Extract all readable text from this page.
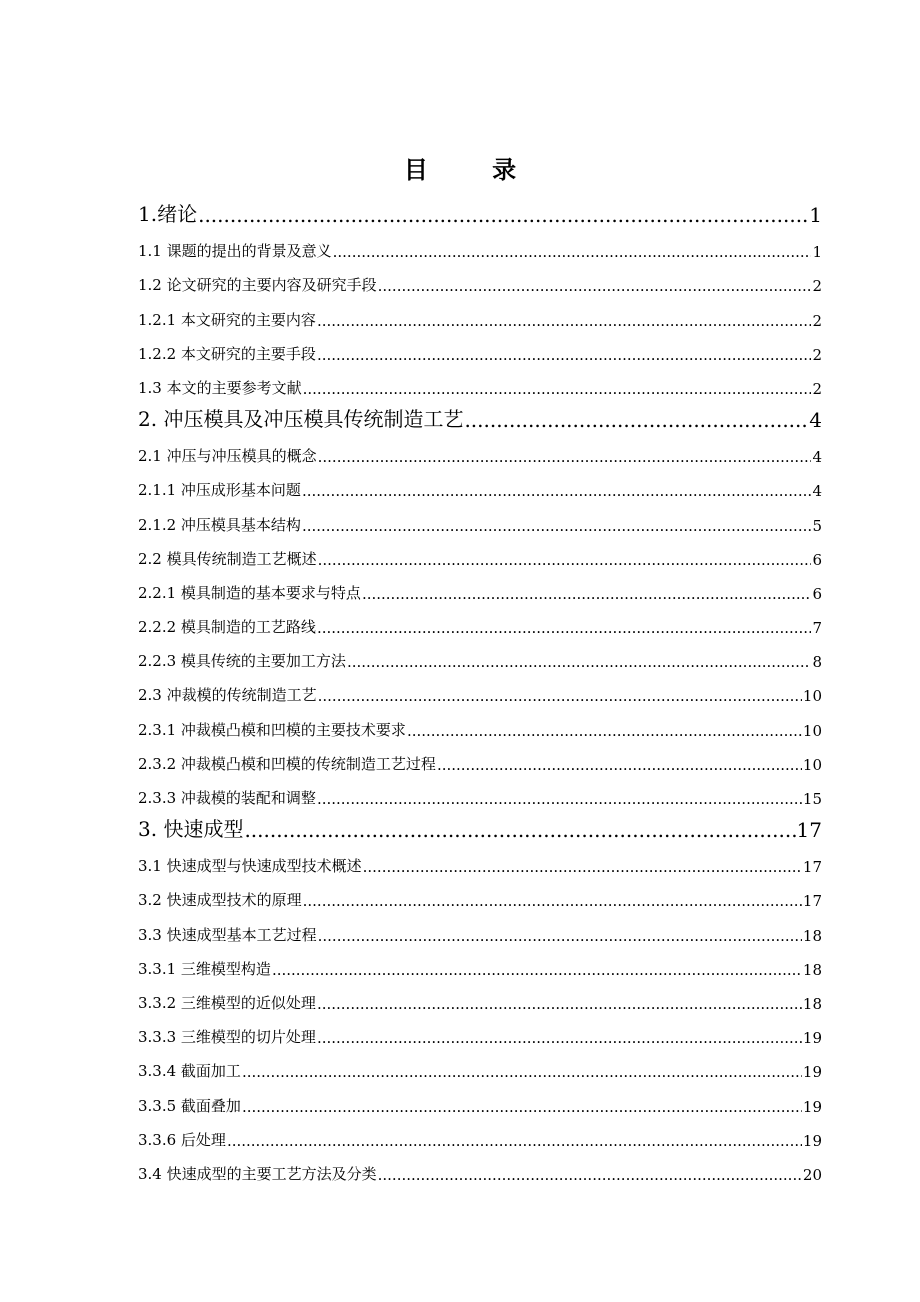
目 录
1.绪论 .....	1
1.1 课题的提出的背景及意义 .....	1
1.2 论文研究的主要内容及研究手段 .....	2
1.2.1 本文研究的主要内容 .....	2
1.2.2 本文研究的主要手段 .....	2
1.3 本文的主要参考文献 .....	2
2. 冲压模具及冲压模具传统制造工艺 .....	4
2.1 冲压与冲压模具的概念 .....	4
2.1.1 冲压成形基本问题 .....	4
2.1.2 冲压模具基本结构 .....	5
2.2 模具传统制造工艺概述 .....	6
2.2.1 模具制造的基本要求与特点 .....	6
2.2.2 模具制造的工艺路线 .....	7
2.2.3 模具传统的主要加工方法 .....	8
2.3 冲裁模的传统制造工艺 .....	10
2.3.1 冲裁模凸模和凹模的主要技术要求 .....	10
2.3.2 冲裁模凸模和凹模的传统制造工艺过程 .....	10
2.3.3 冲裁模的装配和调整 .....	15
3. 快速成型 .....	17
3.1 快速成型与快速成型技术概述 .....	17
3.2 快速成型技术的原理 .....	17
3.3 快速成型基本工艺过程 .....	18
3.3.1 三维模型构造 .....	18
3.3.2 三维模型的近似处理 .....	18
3.3.3 三维模型的切片处理 .....	19
3.3.4 截面加工 .....	19
3.3.5 截面叠加 .....	19
3.3.6 后处理 .....	19
3.4 快速成型的主要工艺方法及分类 .....	20
